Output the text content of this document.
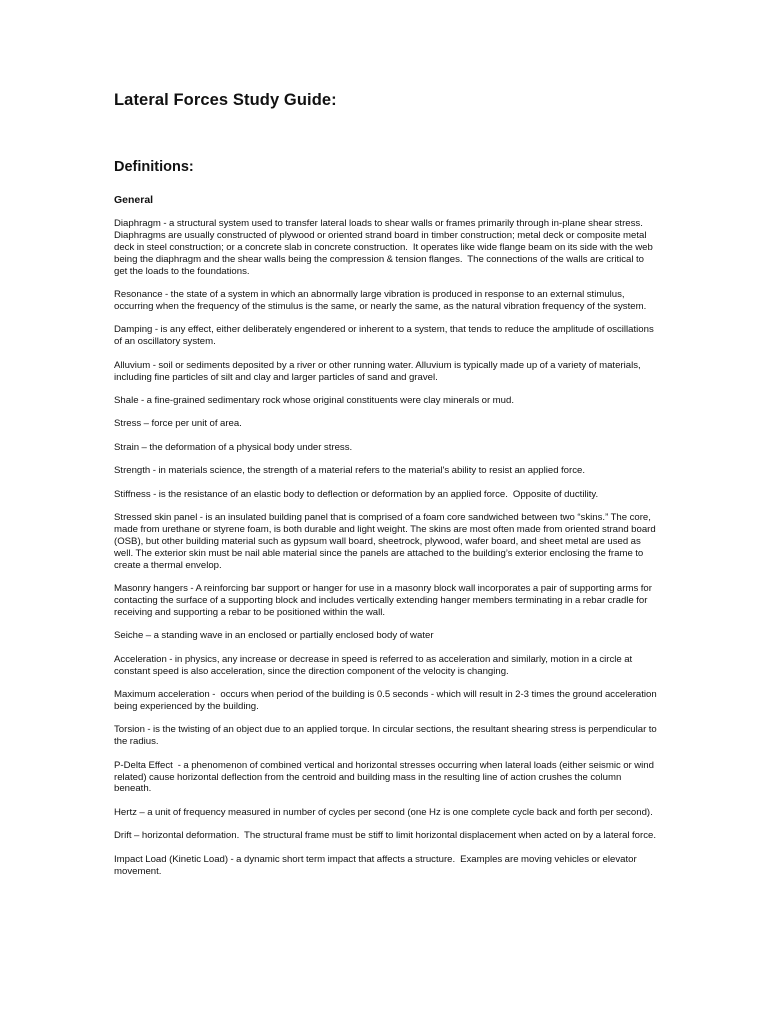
Lateral Forces Study Guide:
Definitions:
General

Diaphragm - a structural system used to transfer lateral loads to shear walls or frames primarily through in-plane shear stress.  Diaphragms are usually constructed of plywood or oriented strand board in timber construction; metal deck or composite metal deck in steel construction; or a concrete slab in concrete construction.  It operates like wide flange beam on its side with the web being the diaphragm and the shear walls being the compression & tension flanges.  The connections of the walls are critical to get the loads to the foundations.

Resonance - the state of a system in which an abnormally large vibration is produced in response to an external stimulus, occurring when the frequency of the stimulus is the same, or nearly the same, as the natural vibration frequency of the system.

Damping - is any effect, either deliberately engendered or inherent to a system, that tends to reduce the amplitude of oscillations of an oscillatory system.

Alluvium - soil or sediments deposited by a river or other running water. Alluvium is typically made up of a variety of materials, including fine particles of silt and clay and larger particles of sand and gravel.

Shale - a fine-grained sedimentary rock whose original constituents were clay minerals or mud.

Stress – force per unit of area.

Strain – the deformation of a physical body under stress.

Strength - in materials science, the strength of a material refers to the material's ability to resist an applied force.

Stiffness - is the resistance of an elastic body to deflection or deformation by an applied force.  Opposite of ductility.

Stressed skin panel - is an insulated building panel that is comprised of a foam core sandwiched between two “skins.” The core, made from urethane or styrene foam, is both durable and light weight. The skins are most often made from oriented strand board (OSB), but other building material such as gypsum wall board, sheetrock, plywood, wafer board, and sheet metal are used as well. The exterior skin must be nail able material since the panels are attached to the building’s exterior enclosing the frame to create a thermal envelop.

Masonry hangers - A reinforcing bar support or hanger for use in a masonry block wall incorporates a pair of supporting arms for contacting the surface of a supporting block and includes vertically extending hanger members terminating in a rebar cradle for receiving and supporting a rebar to be positioned within the wall.

Seiche – a standing wave in an enclosed or partially enclosed body of water

Acceleration - in physics, any increase or decrease in speed is referred to as acceleration and similarly, motion in a circle at constant speed is also acceleration, since the direction component of the velocity is changing.

Maximum acceleration -  occurs when period of the building is 0.5 seconds - which will result in 2-3 times the ground acceleration being experienced by the building.

Torsion - is the twisting of an object due to an applied torque. In circular sections, the resultant shearing stress is perpendicular to the radius.

P-Delta Effect  - a phenomenon of combined vertical and horizontal stresses occurring when lateral loads (either seismic or wind related) cause horizontal deflection from the centroid and building mass in the resulting line of action crushes the column beneath.

Hertz – a unit of frequency measured in number of cycles per second (one Hz is one complete cycle back and forth per second).

Drift – horizontal deformation.  The structural frame must be stiff to limit horizontal displacement when acted on by a lateral force.

Impact Load (Kinetic Load) - a dynamic short term impact that affects a structure.  Examples are moving vehicles or elevator movement.
